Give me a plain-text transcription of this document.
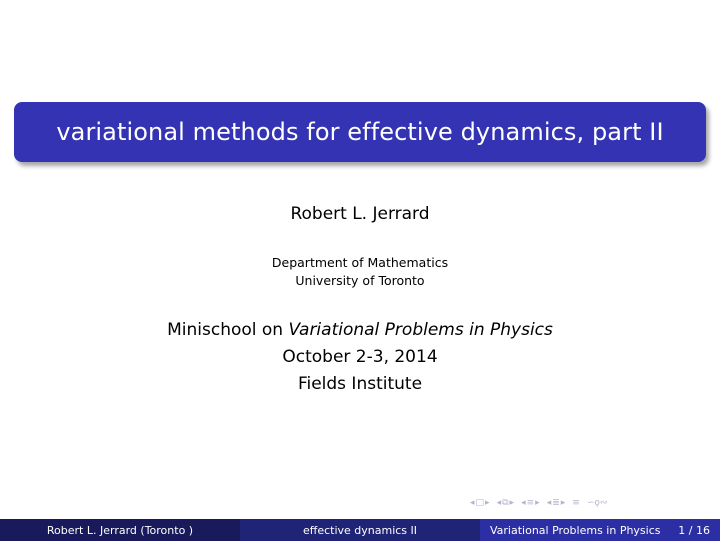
variational methods for effective dynamics, part II
Robert L. Jerrard
Department of Mathematics
University of Toronto
Minischool on Variational Problems in Physics
October 2-3, 2014
Fields Institute
◂ □ ▸ ◂ ⧉ ▸ ◂ ≡ ▸ ◂ ≣ ▸ ≡ ∽ϙ∾
Robert L. Jerrard (Toronto )	effective dynamics II	Variational Problems in Physics	1 / 16
